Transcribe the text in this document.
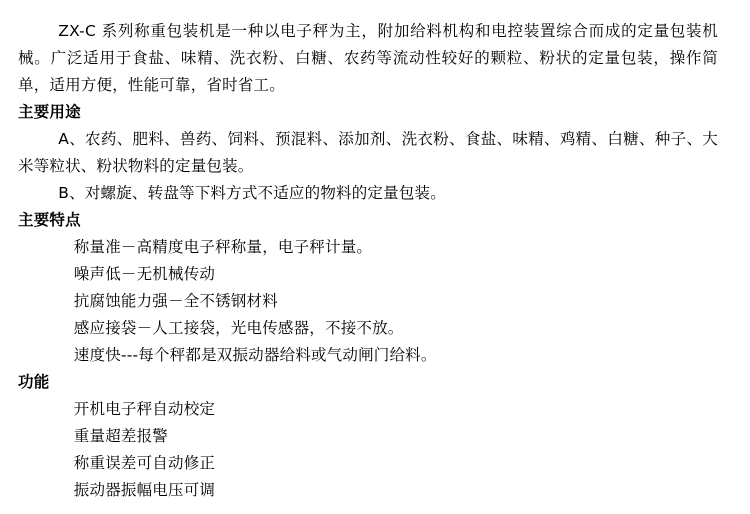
ZX-C 系列称重包装机是一种以电子秤为主，附加给料机构和电控装置综合而成的定量包装机械。广泛适用于食盐、味精、洗衣粉、白糖、农药等流动性较好的颗粒、粉状的定量包装，操作简单，适用方便，性能可靠，省时省工。

主要用途

A、农药、肥料、兽药、饲料、预混料、添加剂、洗衣粉、食盐、味精、鸡精、白糖、种子、大米等粒状、粉状物料的定量包装。

B、对螺旋、转盘等下料方式不适应的物料的定量包装。

主要特点

称量准－高精度电子秤称量，电子秤计量。

噪声低－无机械传动

抗腐蚀能力强－全不锈钢材料

感应接袋－人工接袋，光电传感器，不接不放。

速度快---每个秤都是双振动器给料或气动闸门给料。

功能

开机电子秤自动校定

重量超差报警

称重误差可自动修正

振动器振幅电压可调
